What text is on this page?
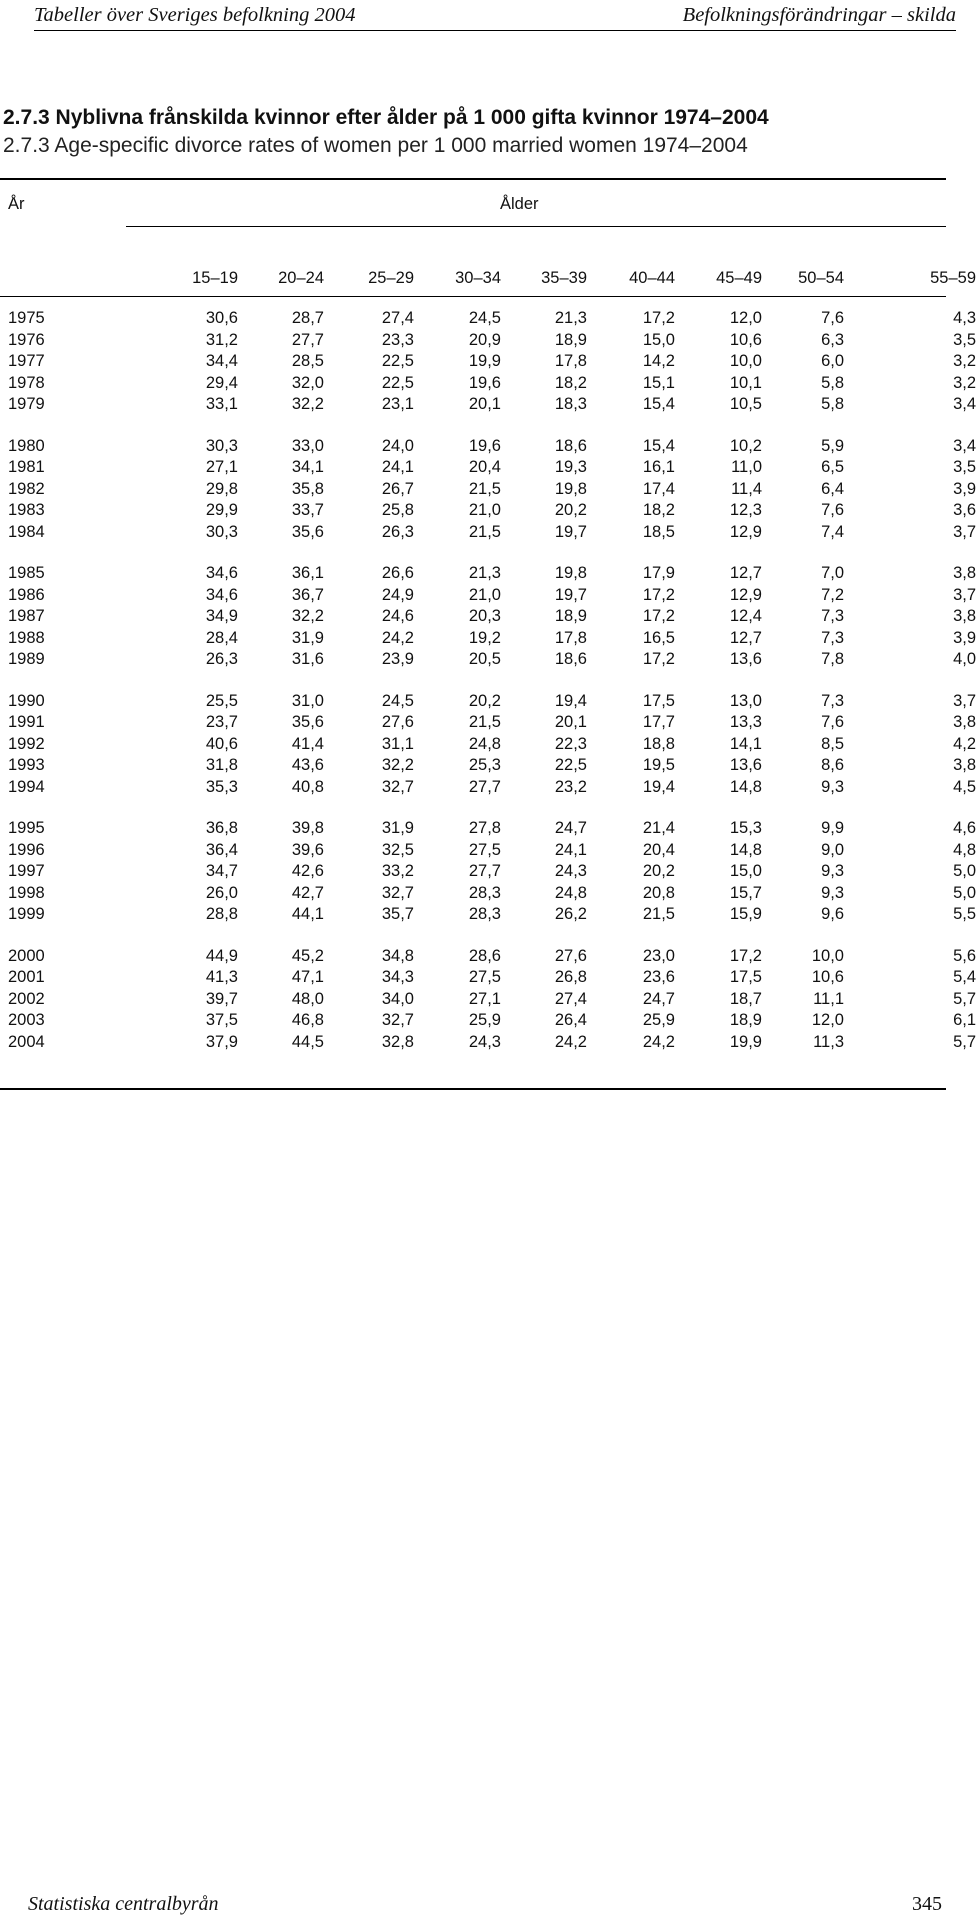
Tabeller över Sveriges befolkning 2004	Befolkningsförändringar – skilda

2.7.3 Nyblivna frånskilda kvinnor efter ålder på 1 000 gifta kvinnor 1974–2004

2.7.3 Age-specific divorce rates of women per 1 000 married women 1974–2004

År	Ålder
15–19	20–24	25–29	30–34	35–39	40–44	45–49	50–54	55–59
1975	30,6	28,7	27,4	24,5	21,3	17,2	12,0	7,6	4,3
1976	31,2	27,7	23,3	20,9	18,9	15,0	10,6	6,3	3,5
1977	34,4	28,5	22,5	19,9	17,8	14,2	10,0	6,0	3,2
1978	29,4	32,0	22,5	19,6	18,2	15,1	10,1	5,8	3,2
1979	33,1	32,2	23,1	20,1	18,3	15,4	10,5	5,8	3,4
1980	30,3	33,0	24,0	19,6	18,6	15,4	10,2	5,9	3,4
1981	27,1	34,1	24,1	20,4	19,3	16,1	11,0	6,5	3,5
1982	29,8	35,8	26,7	21,5	19,8	17,4	11,4	6,4	3,9
1983	29,9	33,7	25,8	21,0	20,2	18,2	12,3	7,6	3,6
1984	30,3	35,6	26,3	21,5	19,7	18,5	12,9	7,4	3,7
1985	34,6	36,1	26,6	21,3	19,8	17,9	12,7	7,0	3,8
1986	34,6	36,7	24,9	21,0	19,7	17,2	12,9	7,2	3,7
1987	34,9	32,2	24,6	20,3	18,9	17,2	12,4	7,3	3,8
1988	28,4	31,9	24,2	19,2	17,8	16,5	12,7	7,3	3,9
1989	26,3	31,6	23,9	20,5	18,6	17,2	13,6	7,8	4,0
1990	25,5	31,0	24,5	20,2	19,4	17,5	13,0	7,3	3,7
1991	23,7	35,6	27,6	21,5	20,1	17,7	13,3	7,6	3,8
1992	40,6	41,4	31,1	24,8	22,3	18,8	14,1	8,5	4,2
1993	31,8	43,6	32,2	25,3	22,5	19,5	13,6	8,6	3,8
1994	35,3	40,8	32,7	27,7	23,2	19,4	14,8	9,3	4,5
1995	36,8	39,8	31,9	27,8	24,7	21,4	15,3	9,9	4,6
1996	36,4	39,6	32,5	27,5	24,1	20,4	14,8	9,0	4,8
1997	34,7	42,6	33,2	27,7	24,3	20,2	15,0	9,3	5,0
1998	26,0	42,7	32,7	28,3	24,8	20,8	15,7	9,3	5,0
1999	28,8	44,1	35,7	28,3	26,2	21,5	15,9	9,6	5,5
2000	44,9	45,2	34,8	28,6	27,6	23,0	17,2	10,0	5,6
2001	41,3	47,1	34,3	27,5	26,8	23,6	17,5	10,6	5,4
2002	39,7	48,0	34,0	27,1	27,4	24,7	18,7	11,1	5,7
2003	37,5	46,8	32,7	25,9	26,4	25,9	18,9	12,0	6,1
2004	37,9	44,5	32,8	24,3	24,2	24,2	19,9	11,3	5,7
Statistiska centralbyrån	345
